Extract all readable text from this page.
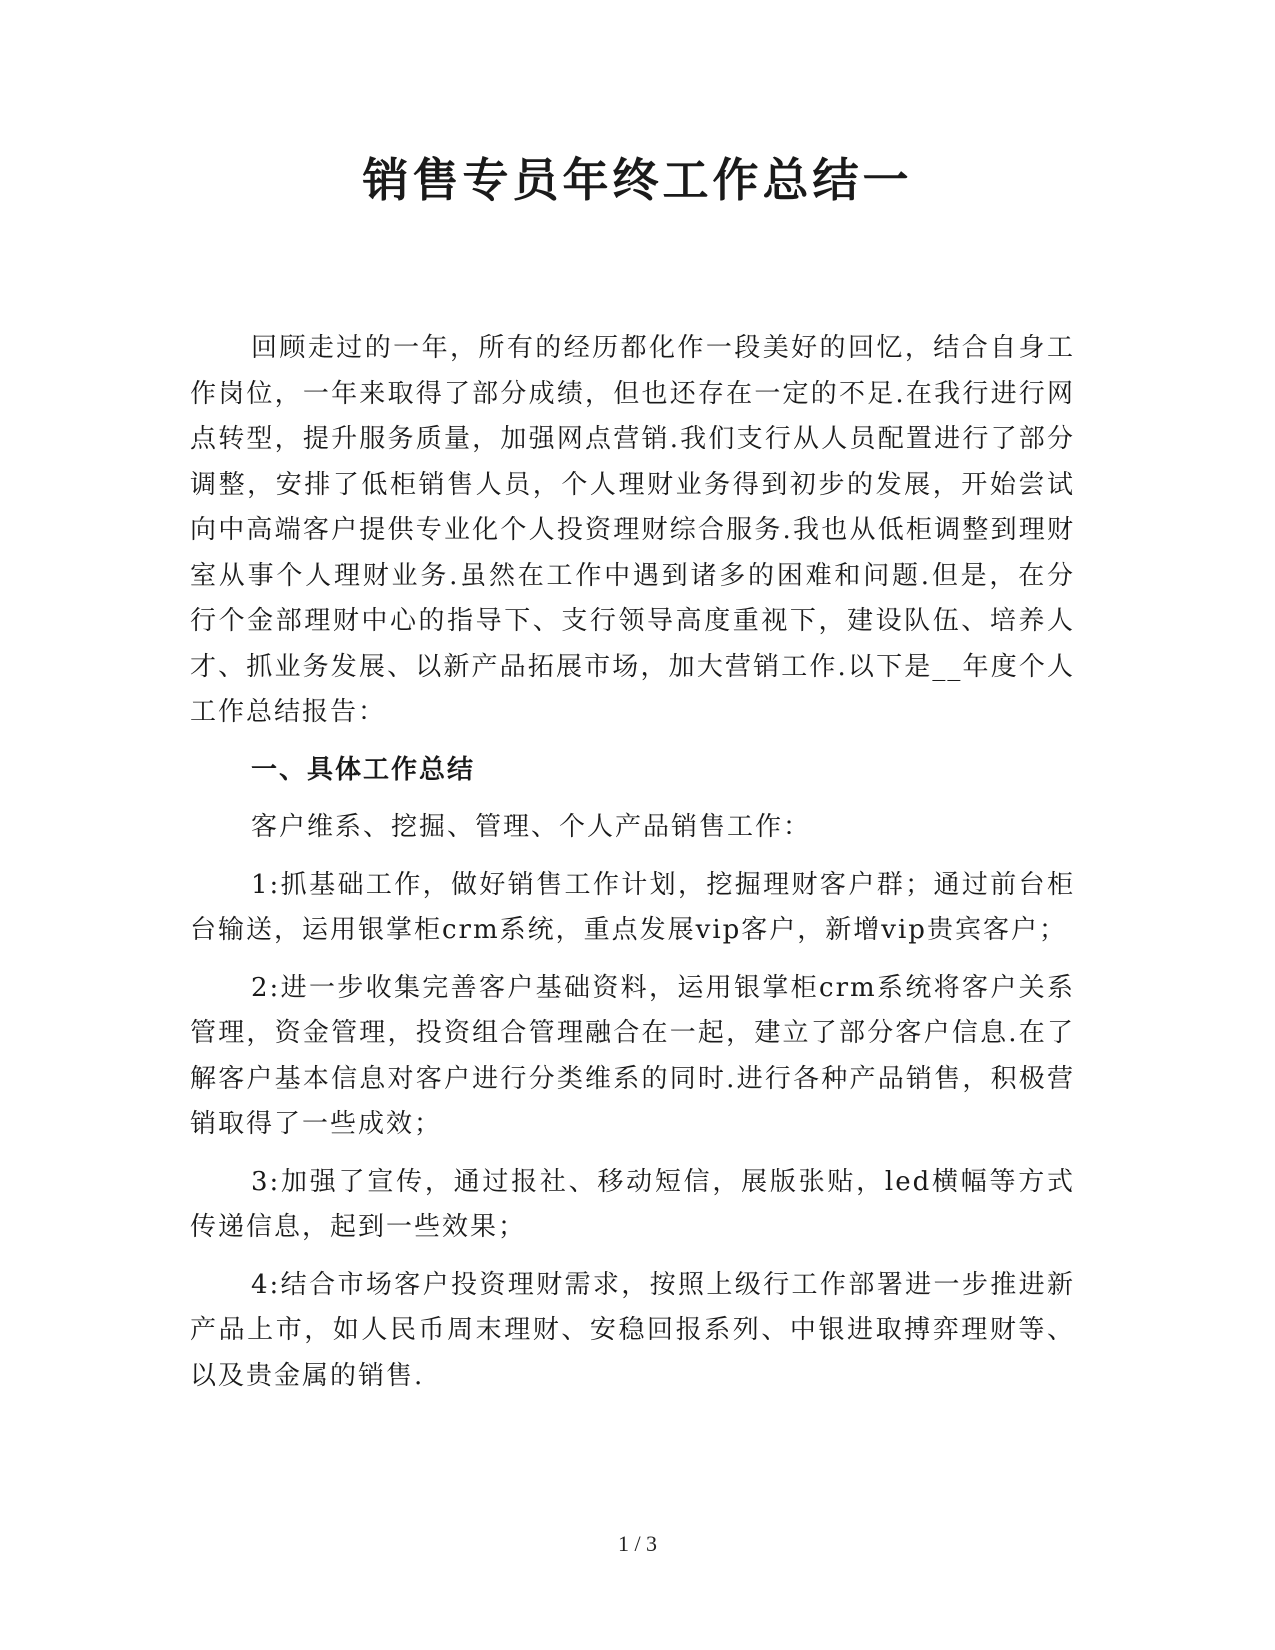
销售专员年终工作总结一

回顾走过的一年，所有的经历都化作一段美好的回忆，结合自身工作岗位，一年来取得了部分成绩，但也还存在一定的不足.在我行进行网点转型，提升服务质量，加强网点营销.我们支行从人员配置进行了部分调整，安排了低柜销售人员，个人理财业务得到初步的发展，开始尝试向中高端客户提供专业化个人投资理财综合服务.我也从低柜调整到理财室从事个人理财业务.虽然在工作中遇到诸多的困难和问题.但是，在分行个金部理财中心的指导下、支行领导高度重视下，建设队伍、培养人才、抓业务发展、以新产品拓展市场，加大营销工作.以下是__年度个人工作总结报告：

一、具体工作总结

客户维系、挖掘、管理、个人产品销售工作：

1:抓基础工作，做好销售工作计划，挖掘理财客户群；通过前台柜台输送，运用银掌柜crm系统，重点发展vip客户，新增vip贵宾客户；

2:进一步收集完善客户基础资料，运用银掌柜crm系统将客户关系管理，资金管理，投资组合管理融合在一起，建立了部分客户信息.在了解客户基本信息对客户进行分类维系的同时.进行各种产品销售，积极营销取得了一些成效；

3:加强了宣传，通过报社、移动短信，展版张贴，led横幅等方式传递信息，起到一些效果；

4:结合市场客户投资理财需求，按照上级行工作部署进一步推进新产品上市，如人民币周末理财、安稳回报系列、中银进取搏弈理财等、以及贵金属的销售.

1 / 3
